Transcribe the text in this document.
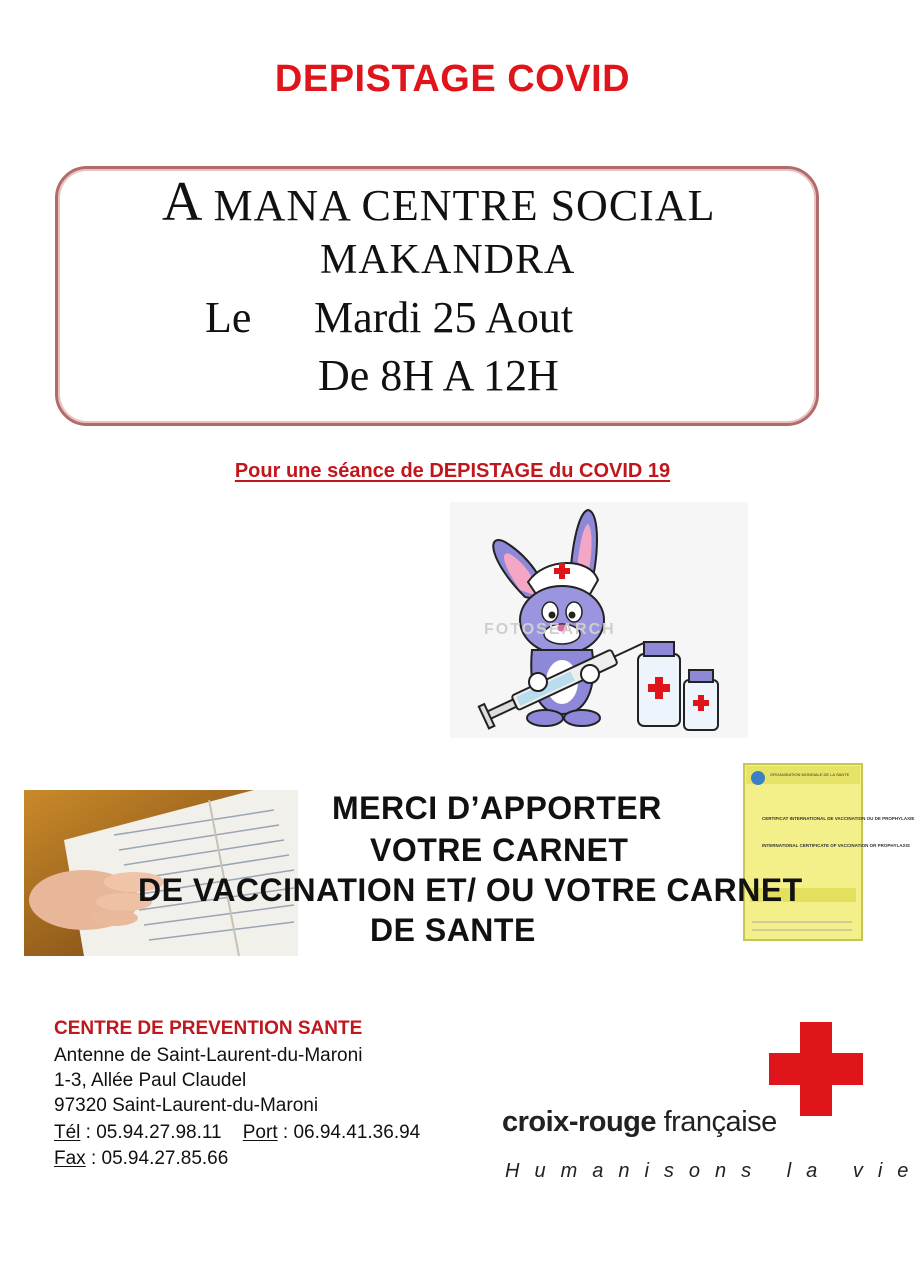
DEPISTAGE COVID
A MANA CENTRE SOCIAL
MAKANDRA
Le Mardi 25 Aout
De 8H A 12H
Pour une séance de DEPISTAGE du COVID 19
FOTOSEARCH
ORGANISATION MONDIALE DE LA SANTE
CERTIFICAT INTERNATIONAL DE VACCINATION OU DE PROPHYLAXIE
INTERNATIONAL CERTIFICATE OF VACCINATION OR PROPHYLAXIS
MERCI D’APPORTER
VOTRE CARNET
DE VACCINATION ET/ OU VOTRE CARNET
DE SANTE
CENTRE DE PREVENTION SANTE
Antenne de Saint-Laurent-du-Maroni
1-3, Allée Paul Claudel
97320 Saint-Laurent-du-Maroni
Tél : 05.94.27.98.11 Port : 06.94.41.36.94
Fax : 05.94.27.85.66
croix-rouge française
Humanisons la vie
